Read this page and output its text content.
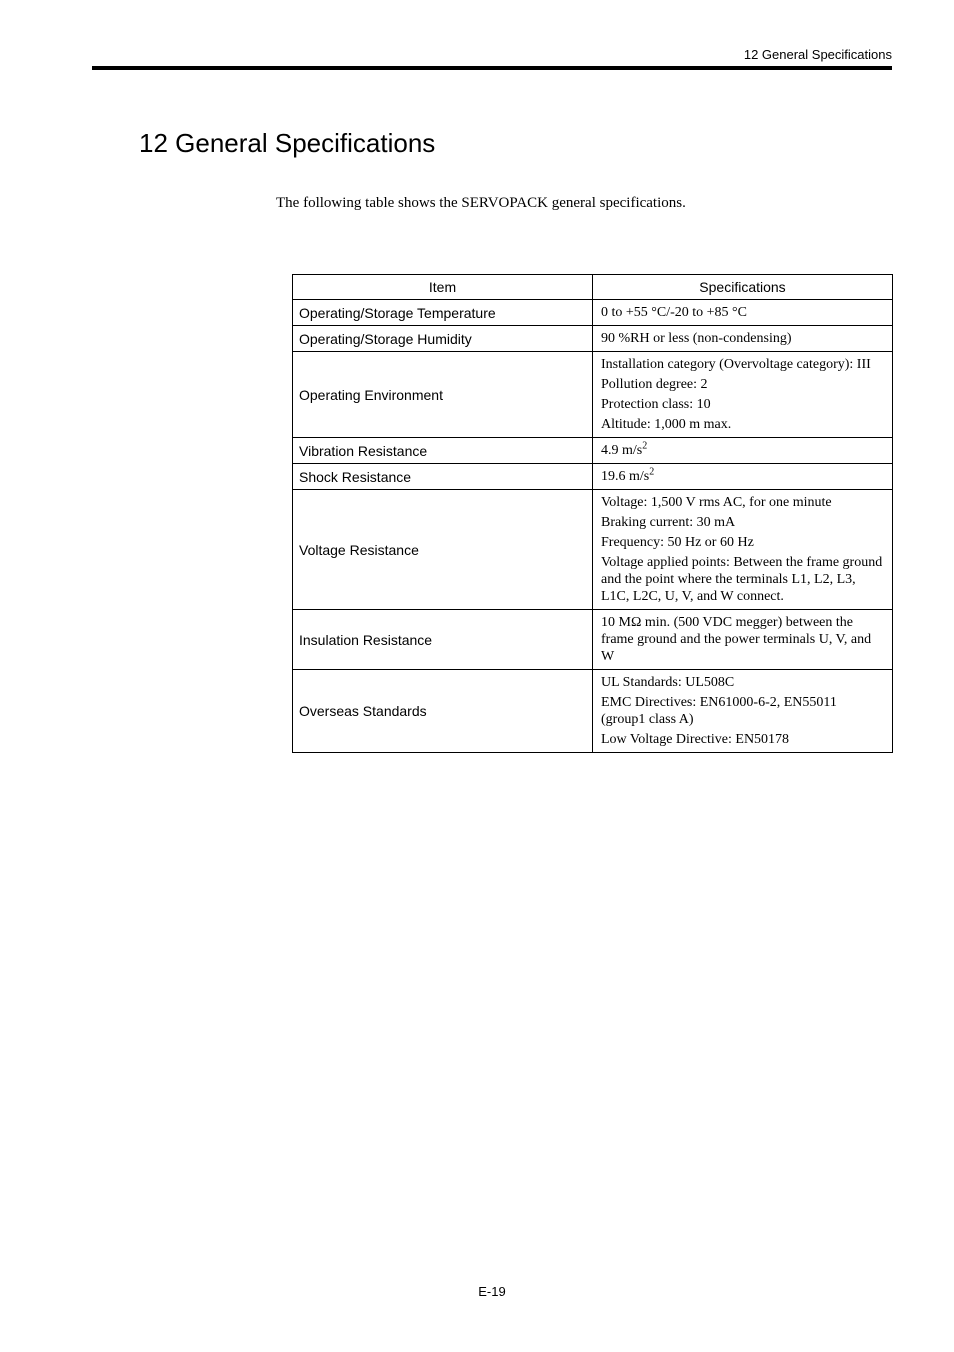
12 General Specifications
12 General Specifications
The following table shows the SERVOPACK general specifications.
Item	Specifications
Operating/Storage Temperature	0 to +55 °C/-20 to +85 °C

Operating/Storage Humidity	90 %RH or less (non-condensing)

Operating Environment	Installation category (Overvoltage category): III
Pollution degree: 2
Protection class: 10
Altitude: 1,000 m max.

Vibration Resistance	4.9 $m/s^2$

Shock Resistance	19.6 $m/s^2$

Voltage Resistance	Voltage: 1,500 V rms AC, for one minute
Braking current: 30 mA
Frequency: 50 Hz or 60 Hz
Voltage applied points: Between the frame ground and the point where the terminals L1, L2, L3, L1C, L2C, U, V, and W connect.

Insulation Resistance	10 MΩ min. (500 VDC megger) between the frame ground and the power terminals U, V, and W

Overseas Standards	UL Standards: UL508C
EMC Directives: EN61000-6-2, EN55011 (group1 class A)
Low Voltage Directive: EN50178
E-19
